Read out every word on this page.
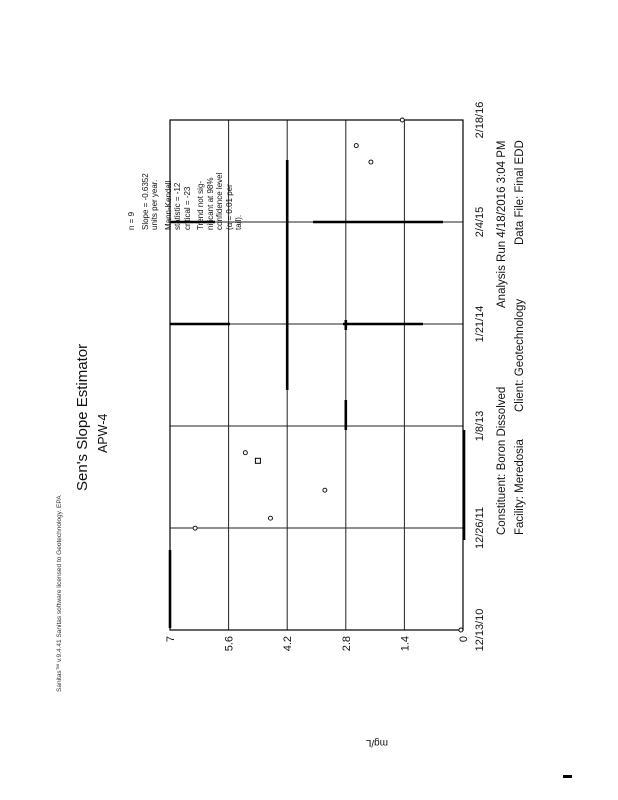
Sanitas™ v.9.4.41 Sanitas software licensed to Geotechnology. EPA
Sen's Slope Estimator APW-4
mg/L
12/13/10
12/26/11
1/8/13
1/21/14
2/4/15
2/18/16
0
1.4
2.8
4.2
5.6
7
n = 9 Slope = -0.6352 units per year. Mann-Kendall statistic = -12 critical = -23 Trend not sig- nificant at 98% confidence level (α = 0.01 per tail).
Constituent: Boron Dissolved
Analysis Run 4/18/2016 3:04 PM
Facility: Meredosia
Client: Geotechnology
Data File: Final EDD
